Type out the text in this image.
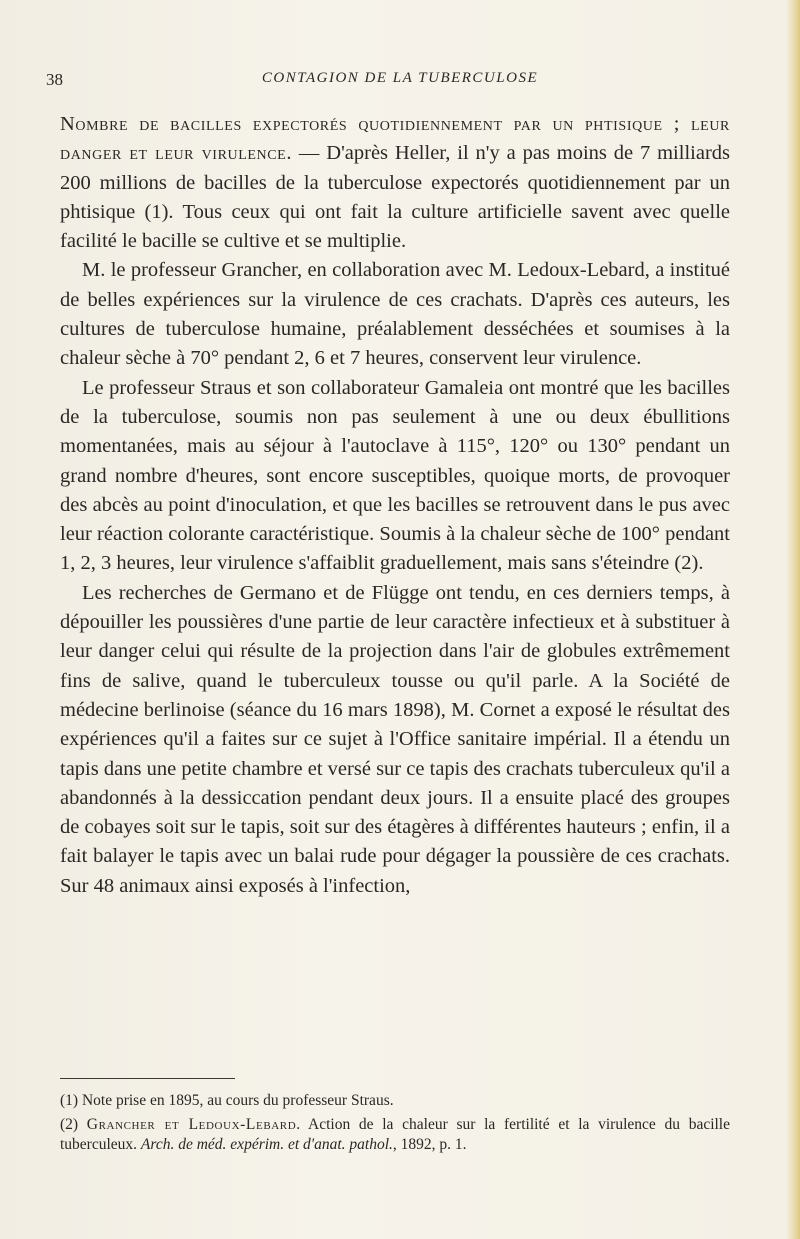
38	CONTAGION DE LA TUBERCULOSE

Nombre de bacilles expectorés quotidiennement par un phtisique ; leur danger et leur virulence. — D'après Heller, il n'y a pas moins de 7 milliards 200 millions de bacilles de la tuberculose expectorés quotidiennement par un phtisique (1). Tous ceux qui ont fait la culture artificielle savent avec quelle facilité le bacille se cultive et se multiplie.

M. le professeur Grancher, en collaboration avec M. Ledoux-Lebard, a institué de belles expériences sur la virulence de ces crachats. D'après ces auteurs, les cultures de tuberculose humaine, préalablement desséchées et soumises à la chaleur sèche à 70° pendant 2, 6 et 7 heures, conservent leur virulence.

Le professeur Straus et son collaborateur Gamaleia ont montré que les bacilles de la tuberculose, soumis non pas seulement à une ou deux ébullitions momentanées, mais au séjour à l'autoclave à 115°, 120° ou 130° pendant un grand nombre d'heures, sont encore susceptibles, quoique morts, de provoquer des abcès au point d'inoculation, et que les bacilles se retrouvent dans le pus avec leur réaction colorante caractéristique. Soumis à la chaleur sèche de 100° pendant 1, 2, 3 heures, leur virulence s'affaiblit graduellement, mais sans s'éteindre (2).

Les recherches de Germano et de Flügge ont tendu, en ces derniers temps, à dépouiller les poussières d'une partie de leur caractère infectieux et à substituer à leur danger celui qui résulte de la projection dans l'air de globules extrêmement fins de salive, quand le tuberculeux tousse ou qu'il parle. A la Société de médecine berlinoise (séance du 16 mars 1898), M. Cornet a exposé le résultat des expériences qu'il a faites sur ce sujet à l'Office sanitaire impérial. Il a étendu un tapis dans une petite chambre et versé sur ce tapis des crachats tuberculeux qu'il a abandonnés à la dessiccation pendant deux jours. Il a ensuite placé des groupes de cobayes soit sur le tapis, soit sur des étagères à différentes hauteurs ; enfin, il a fait balayer le tapis avec un balai rude pour dégager la poussière de ces crachats. Sur 48 animaux ainsi exposés à l'infection,

(1) Note prise en 1895, au cours du professeur Straus.

(2) Grancher et Ledoux-Lebard. Action de la chaleur sur la fertilité et la virulence du bacille tuberculeux. Arch. de méd. expérim. et d'anat. pathol., 1892, p. 1.
